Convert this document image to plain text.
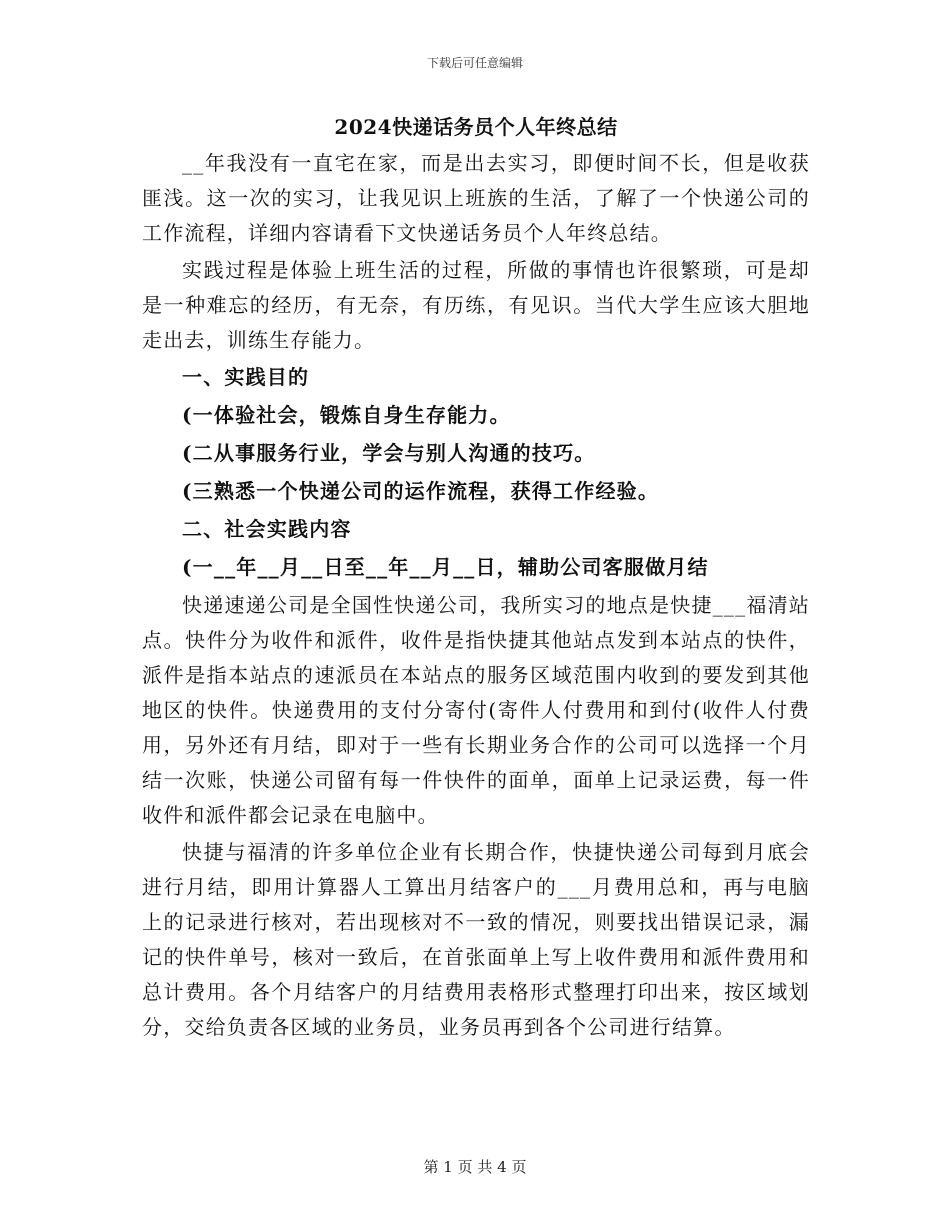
下载后可任意编辑
2024快递话务员个人年终总结

__年我没有一直宅在家，而是出去实习，即便时间不长，但是收获匪浅。这一次的实习，让我见识上班族的生活，了解了一个快递公司的工作流程，详细内容请看下文快递话务员个人年终总结。

实践过程是体验上班生活的过程，所做的事情也许很繁琐，可是却是一种难忘的经历，有无奈，有历练，有见识。当代大学生应该大胆地走出去，训练生存能力。

一、实践目的

(一体验社会，锻炼自身生存能力。

(二从事服务行业，学会与别人沟通的技巧。

(三熟悉一个快递公司的运作流程，获得工作经验。

二、社会实践内容

(一__年__月__日至__年__月__日，辅助公司客服做月结

快递速递公司是全国性快递公司，我所实习的地点是快捷___福清站点。快件分为收件和派件，收件是指快捷其他站点发到本站点的快件，派件是指本站点的速派员在本站点的服务区域范围内收到的要发到其他地区的快件。快递费用的支付分寄付(寄件人付费用和到付(收件人付费用，另外还有月结，即对于一些有长期业务合作的公司可以选择一个月结一次账，快递公司留有每一件快件的面单，面单上记录运费，每一件收件和派件都会记录在电脑中。

快捷与福清的许多单位企业有长期合作，快捷快递公司每到月底会进行月结，即用计算器人工算出月结客户的___月费用总和，再与电脑上的记录进行核对，若出现核对不一致的情况，则要找出错误记录，漏记的快件单号，核对一致后，在首张面单上写上收件费用和派件费用和总计费用。各个月结客户的月结费用表格形式整理打印出来，按区域划分，交给负责各区域的业务员，业务员再到各个公司进行结算。

第 1 页 共 4 页
